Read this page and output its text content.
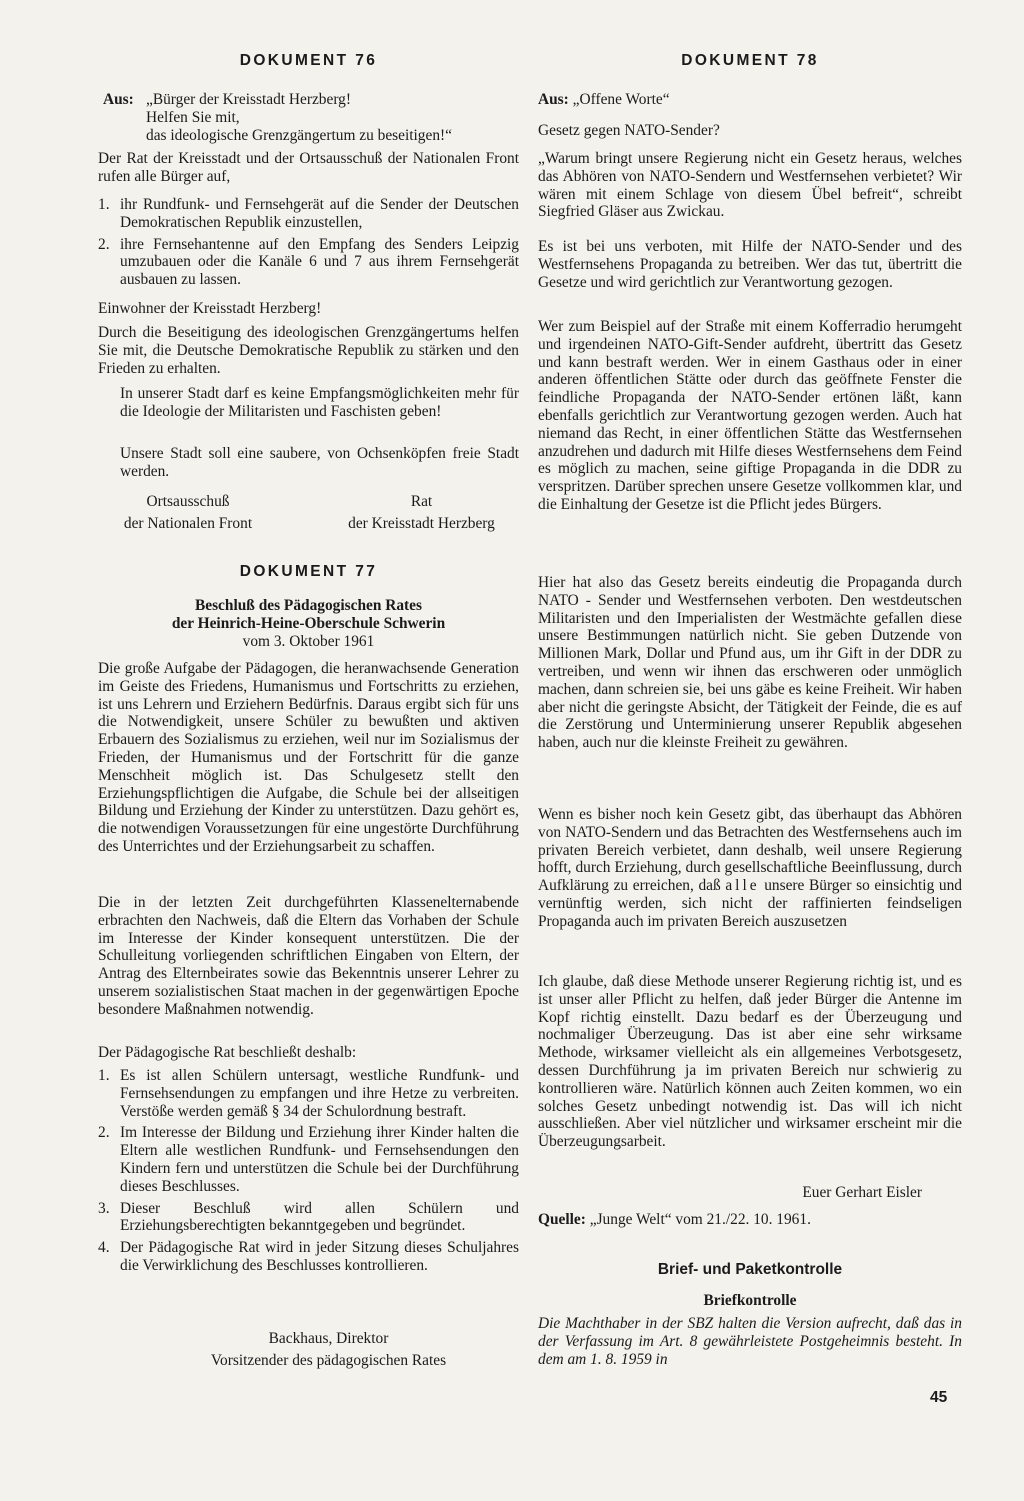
DOKUMENT 76
Aus: „Bürger der Kreisstadt Herzberg!
Helfen Sie mit,
das ideologische Grenzgängertum zu beseitigen!“

Der Rat der Kreisstadt und der Ortsausschuß der Nationalen Front rufen alle Bürger auf,

1. ihr Rundfunk- und Fernsehgerät auf die Sender der Deutschen Demokratischen Republik einzustellen,
2. ihre Fernsehantenne auf den Empfang des Senders Leipzig umzubauen oder die Kanäle 6 und 7 aus ihrem Fernsehgerät ausbauen zu lassen.

Einwohner der Kreisstadt Herzberg!

Durch die Beseitigung des ideologischen Grenzgängertums helfen Sie mit, die Deutsche Demokratische Republik zu stärken und den Frieden zu erhalten.

In unserer Stadt darf es keine Empfangsmöglichkeiten mehr für die Ideologie der Militaristen und Faschisten geben!

Unsere Stadt soll eine saubere, von Ochsenköpfen freie Stadt werden.

Ortsausschuß
der Nationalen Front
Rat
der Kreisstadt Herzberg
DOKUMENT 77
Beschluß des Pädagogischen Rates
der Heinrich-Heine-Oberschule Schwerin
vom 3. Oktober 1961

Die große Aufgabe der Pädagogen, die heranwachsende Generation im Geiste des Friedens, Humanismus und Fortschritts zu erziehen, ist uns Lehrern und Erziehern Bedürfnis. Daraus ergibt sich für uns die Notwendigkeit, unsere Schüler zu bewußten und aktiven Erbauern des Sozialismus zu erziehen, weil nur im Sozialismus der Frieden, der Humanismus und der Fortschritt für die ganze Menschheit möglich ist. Das Schulgesetz stellt den Erziehungspflichtigen die Aufgabe, die Schule bei der allseitigen Bildung und Erziehung der Kinder zu unterstützen. Dazu gehört es, die notwendigen Voraussetzungen für eine ungestörte Durchführung des Unterrichtes und der Erziehungsarbeit zu schaffen.

Die in der letzten Zeit durchgeführten Klassenelternabende erbrachten den Nachweis, daß die Eltern das Vorhaben der Schule im Interesse der Kinder konsequent unterstützen. Die der Schulleitung vorliegenden schriftlichen Eingaben von Eltern, der Antrag des Elternbeirates sowie das Bekenntnis unserer Lehrer zu unserem sozialistischen Staat machen in der gegenwärtigen Epoche besondere Maßnahmen notwendig.

Der Pädagogische Rat beschließt deshalb:

1. Es ist allen Schülern untersagt, westliche Rundfunk- und Fernsehsendungen zu empfangen und ihre Hetze zu verbreiten. Verstöße werden gemäß § 34 der Schulordnung bestraft.
2. Im Interesse der Bildung und Erziehung ihrer Kinder halten die Eltern alle westlichen Rundfunk- und Fernsehsendungen den Kindern fern und unterstützen die Schule bei der Durchführung dieses Beschlusses.
3. Dieser Beschluß wird allen Schülern und Erziehungsberechtigten bekanntgegeben und begründet.
4. Der Pädagogische Rat wird in jeder Sitzung dieses Schuljahres die Verwirklichung des Beschlusses kontrollieren.
Backhaus, Direktor
Vorsitzender des pädagogischen Rates
DOKUMENT 78
Aus: „Offene Worte“

Gesetz gegen NATO-Sender?

„Warum bringt unsere Regierung nicht ein Gesetz heraus, welches das Abhören von NATO-Sendern und Westfernsehen verbietet? Wir wären mit einem Schlage von diesem Übel befreit“, schreibt Siegfried Gläser aus Zwickau.

Es ist bei uns verboten, mit Hilfe der NATO-Sender und des Westfernsehens Propaganda zu betreiben. Wer das tut, übertritt die Gesetze und wird gerichtlich zur Verantwortung gezogen.

Wer zum Beispiel auf der Straße mit einem Kofferradio herumgeht und irgendeinen NATO-Gift-Sender aufdreht, übertritt das Gesetz und kann bestraft werden. Wer in einem Gasthaus oder in einer anderen öffentlichen Stätte oder durch das geöffnete Fenster die feindliche Propaganda der NATO-Sender ertönen läßt, kann ebenfalls gerichtlich zur Verantwortung gezogen werden. Auch hat niemand das Recht, in einer öffentlichen Stätte das Westfernsehen anzudrehen und dadurch mit Hilfe dieses Westfernsehens dem Feind es möglich zu machen, seine giftige Propaganda in die DDR zu verspritzen. Darüber sprechen unsere Gesetze vollkommen klar, und die Einhaltung der Gesetze ist die Pflicht jedes Bürgers.

Hier hat also das Gesetz bereits eindeutig die Propaganda durch NATO - Sender und Westfernsehen verboten. Den westdeutschen Militaristen und den Imperialisten der Westmächte gefallen diese unsere Bestimmungen natürlich nicht. Sie geben Dutzende von Millionen Mark, Dollar und Pfund aus, um ihr Gift in der DDR zu vertreiben, und wenn wir ihnen das erschweren oder unmöglich machen, dann schreien sie, bei uns gäbe es keine Freiheit. Wir haben aber nicht die geringste Absicht, der Tätigkeit der Feinde, die es auf die Zerstörung und Unterminierung unserer Republik abgesehen haben, auch nur die kleinste Freiheit zu gewähren.

Wenn es bisher noch kein Gesetz gibt, das überhaupt das Abhören von NATO-Sendern und das Betrachten des Westfernsehens auch im privaten Bereich verbietet, dann deshalb, weil unsere Regierung hofft, durch Erziehung, durch gesellschaftliche Beeinflussung, durch Aufklärung zu erreichen, daß alle unsere Bürger so einsichtig und vernünftig werden, sich nicht der raffinierten feindseligen Propaganda auch im privaten Bereich auszusetzen

Ich glaube, daß diese Methode unserer Regierung richtig ist, und es ist unser aller Pflicht zu helfen, daß jeder Bürger die Antenne im Kopf richtig einstellt. Dazu bedarf es der Überzeugung und nochmaliger Überzeugung. Das ist aber eine sehr wirksame Methode, wirksamer vielleicht als ein allgemeines Verbotsgesetz, dessen Durchführung ja im privaten Bereich nur schwierig zu kontrollieren wäre. Natürlich können auch Zeiten kommen, wo ein solches Gesetz unbedingt notwendig ist. Das will ich nicht ausschließen. Aber viel nützlicher und wirksamer erscheint mir die Überzeugungsarbeit.

Euer Gerhart Eisler
Quelle: „Junge Welt“ vom 21./22. 10. 1961.
Brief- und Paketkontrolle
Briefkontrolle

Die Machthaber in der SBZ halten die Version aufrecht, daß das in der Verfassung im Art. 8 gewährleistete Postgeheimnis besteht. In dem am 1. 8. 1959 in

45
